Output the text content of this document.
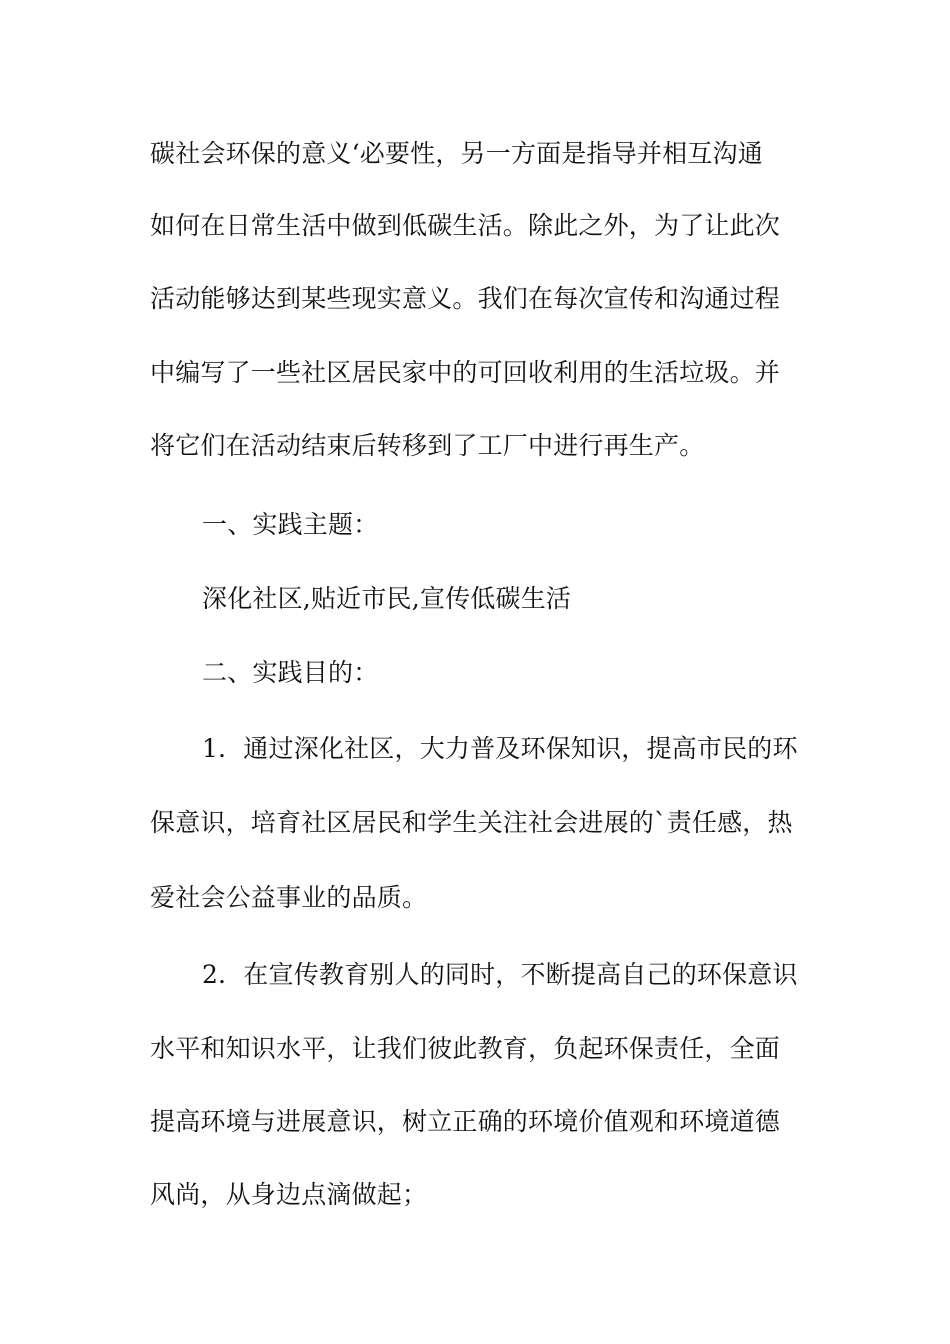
碳社会环保的意义‘必要性，另一方面是指导并相互沟通
如何在日常生活中做到低碳生活。除此之外，为了让此次
活动能够达到某些现实意义。我们在每次宣传和沟通过程
中编写了一些社区居民家中的可回收利用的生活垃圾。并
将它们在活动结束后转移到了工厂中进行再生产。
一、实践主题：
深化社区,贴近市民,宣传低碳生活
二、实践目的：
1．通过深化社区，大力普及环保知识，提高市民的环
保意识，培育社区居民和学生关注社会进展的`责任感，热
爱社会公益事业的品质。
2．在宣传教育别人的同时，不断提高自己的环保意识
水平和知识水平，让我们彼此教育，负起环保责任，全面
提高环境与进展意识，树立正确的环境价值观和环境道德
风尚，从身边点滴做起；
